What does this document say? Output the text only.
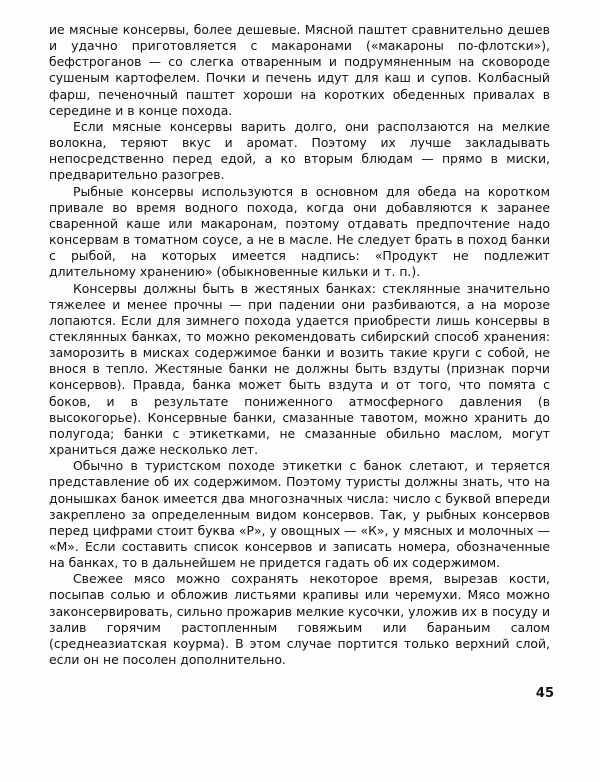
ие мясные консервы, более дешевые. Мясной паштет сравнительно дешев и удачно приготовляется с макаронами («макароны по-флотски»), бефстроганов — со слегка отваренным и подрумяненным на сковороде сушеным картофелем. Почки и печень идут для каш и супов. Колбасный фарш, печеночный паштет хороши на коротких обеденных привалах в середине и в конце похода.

Если мясные консервы варить долго, они расползаются на мелкие волокна, теряют вкус и аромат. Поэтому их лучше закладывать непосредственно перед едой, а ко вторым блюдам — прямо в миски, предварительно разогрев.

Рыбные консервы используются в основном для обеда на коротком привале во время водного похода, когда они добавляются к заранее сваренной каше или макаронам, поэтому отдавать предпочтение надо консервам в томатном соусе, а не в масле. Не следует брать в поход банки с рыбой, на которых имеется надпись: «Продукт не подлежит длительному хранению» (обыкновенные кильки и т. п.).

Консервы должны быть в жестяных банках: стеклянные значительно тяжелее и менее прочны — при падении они разбиваются, а на морозе лопаются. Если для зимнего похода удается приобрести лишь консервы в стеклянных банках, то можно рекомендовать сибирский способ хранения: заморозить в мисках содержимое банки и возить такие круги с собой, не внося в тепло. Жестяные банки не должны быть вздуты (признак порчи консервов). Правда, банка может быть вздута и от того, что помята с боков, и в результате пониженного атмосферного давления (в высокогорье). Консервные банки, смазанные тавотом, можно хранить до полугода; банки с этикетками, не смазанные обильно маслом, могут храниться даже несколько лет.

Обычно в туристском походе этикетки с банок слетают, и теряется представление об их содержимом. Поэтому туристы должны знать, что на донышках банок имеется два многозначных числа: число с буквой впереди закреплено за определенным видом консервов. Так, у рыбных консервов перед цифрами стоит буква «Р», у овощных — «К», у мясных и молочных — «М». Если составить список консервов и записать номера, обозначенные на банках, то в дальнейшем не придется гадать об их содержимом.

Свежее мясо можно сохранять некоторое время, вырезав кости, посыпав солью и обложив листьями крапивы или черемухи. Мясо можно законсервировать, сильно прожарив мелкие кусочки, уложив их в посуду и залив горячим растопленным говяжьим или бараньим салом (среднеазиатская коурма). В этом случае портится только верхний слой, если он не посолен дополнительно.

45
